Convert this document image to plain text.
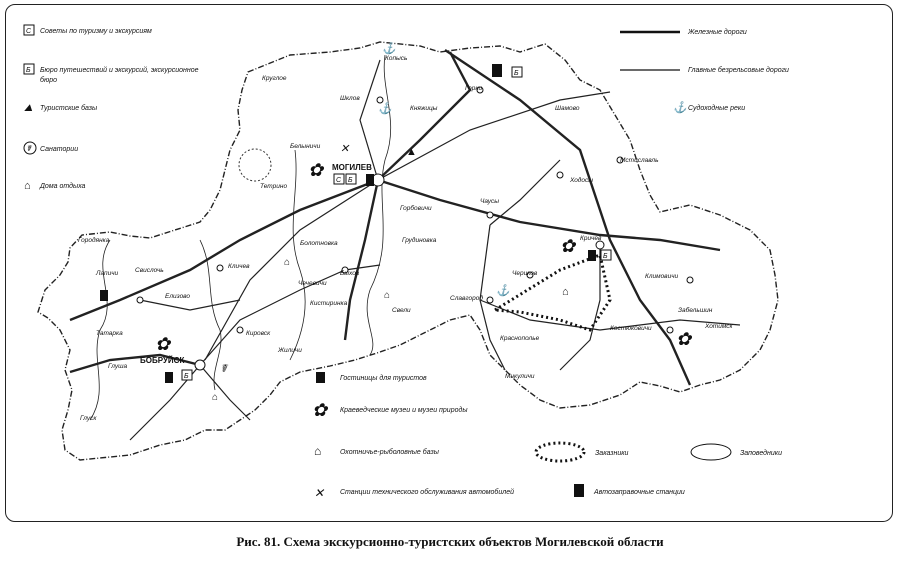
МОГИЛЕВ
БОБРУЙСК
Кричев
Костюковичи
Климовичи
Хотимск
Чериков
Славгород
Краснополье
Быхов
Кировск
Кличев
Глуша
Глуск
Татарка
Лапичи	Свислочь
Елизово
Горки
Мстиславль
Ходосы
Чаусы
Шклов
Копысь
Княжицы
Белыничи
Круглое
Тетрино
Горбовичи
Грудиновка
Болотновка
Чечевичи
Кистиринка
Свели
Жиличи
Микуличи
Шамово
Забельшин
Городянка
С Б
Б
Б
Б
✿
✿
✿
✿
☤
⚓
⚓
⚓
✕	▲
⌂
⌂
⌂
⌂
С Советы по туризму и экскурсиям
Б Бюро путешествий и экскурсий, экскурсионное
бюро
⛰ Туристские базы
☤ Санатории
⌂ Дома отдыха
Железные дороги
Главные безрельсовые дороги
⚓ Судоходные реки
Гостиницы для туристов
✿ Краеведческие музеи и музеи природы
⌂	Охотничье-рыболовные базы
✕ Станции технического обслуживания автомобилей
Заказники	Заповедники
Автозаправочные станции
Рис. 81. Схема экскурсионно-туристских объектов Могилевской области
